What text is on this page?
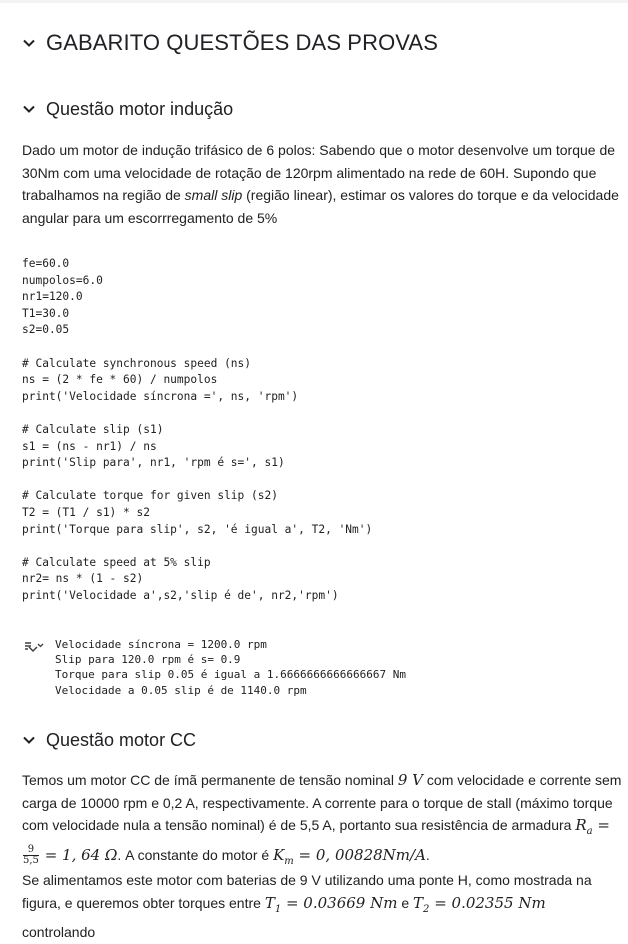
GABARITO QUESTÕES DAS PROVAS
Questão motor indução
Dado um motor de indução trifásico de 6 polos: Sabendo que o motor desenvolve um torque de 30Nm com uma velocidade de rotação de 120rpm alimentado na rede de 60H. Supondo que trabalhamos na região de small slip (região linear), estimar os valores do torque e da velocidade angular para um escorrregamento de 5%
fe=60.0
numpolos=6.0
nr1=120.0
T1=30.0
s2=0.05

# Calculate synchronous speed (ns)
ns = (2 * fe * 60) / numpolos
print('Velocidade síncrona =', ns, 'rpm')

# Calculate slip (s1)
s1 = (ns - nr1) / ns
print('Slip para', nr1, 'rpm é s=', s1)

# Calculate torque for given slip (s2)
T2 = (T1 / s1) * s2
print('Torque para slip', s2, 'é igual a', T2, 'Nm')

# Calculate speed at 5% slip
nr2= ns * (1 - s2)
print('Velocidade a',s2,'slip é de', nr2,'rpm')
Velocidade síncrona = 1200.0 rpm
Slip para 120.0 rpm é s= 0.9
Torque para slip 0.05 é igual a 1.6666666666666667 Nm
Velocidade a 0.05 slip é de 1140.0 rpm
Questão motor CC
Temos um motor CC de ímã permanente de tensão nominal 9 V com velocidade e corrente sem carga de 10000 rpm e 0,2 A, respectivamente. A corrente para o torque de stall (máximo torque com velocidade nula a tensão nominal) é de 5,5 A, portanto sua resistência de armadura $R_a$ =
$\frac{9}{5,5} = 1$, 64 Ω. A constante do motor é $K_m = 0$, 00828Nm/A.
Se alimentamos este motor com baterias de 9 V utilizando uma ponte H, como mostrada na figura, e queremos obter torques entre $T_1 = 0.03669$ Nm e $T_2 = 0.02355$ Nm controlando
